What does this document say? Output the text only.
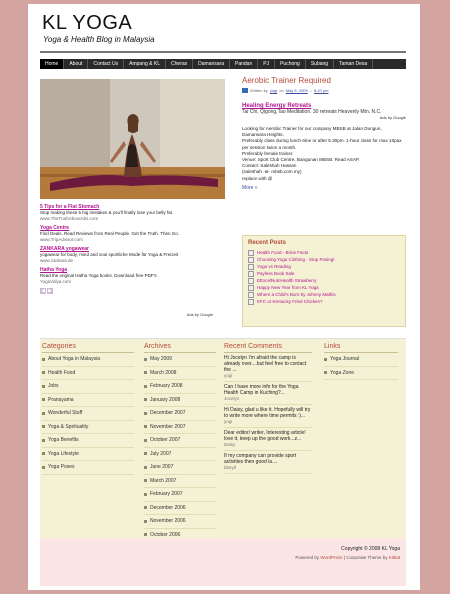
KL YOGA
Yoga & Health Blog in Malaysia
Home	About	Contact Us	Ampang & KL	Cheras	Damansara	Pandan	PJ	Puchong	Subang	Taman Desa
5 Tips for a Flat Stomach
Stop making these 5 big mistakes & you'll finally lose your belly fat.
www.TheTruthAboutAbs.com
Yoga Centre
Find Deals, Read Reviews from Real People. Get the Truth. Then Go.
www.TripAdvisor.com
ZANKARA yogawear
yogawear for body, mind and soul sportliche Mode für Yoga & Freizeit
www.zankara.de
Hatha Yoga
Read the original Hatha Yoga books. Download free PDF's
YogaVidya.com
◀ ▶
Ads by Google
Aerobic Trainer Required
Written by yogi on May 5, 2009 – 6:10 pm
Healing Energy Retreats
Tai Chi, Qigong,Tao Meditation. 30 retreats Heavenly Mtn. N.C.
Ads by Google
Looking for Aerobic Trainer for our company MBSB at Jalan Dungun, Damansara Heights.
Preferably class during lunch-time or after 5.30pm. 1-hour class for max 10pax per session twice a month.
Preferably female trainer.
Venue: Sport Club Centre, Bangunan MBSB. Read ASAP.
Contact: Saleshah Hassan
(saleshah -at- mbsb.com.my)
replace with @
More »
Recent Posts
Health Food - Brine Facts
Choosing Yoga Clothing - Stop Posing!
Yoga vs Reading
Payless Book Sale
EExcelNutriHealth Strawberry
Happy New Year from KL Yoga
Where a Child's Born by Johnny Mathis
KFC or Kentucky Fried Chicken?
Categories
About Yoga in Malaysia
Health Food
Jobs
Pranayama
Wonderful Stuff
Yoga & Spirituality
Yoga Benefits
Yoga Lifestyle
Yoga Poses
Archives
May 2009
March 2008
February 2008
January 2008
December 2007
November 2007
October 2007
July 2007
June 2007
March 2007
February 2007
December 2006
November 2006
October 2006
Recent Comments
Hi Jocelyn I'm afraid the camp is already over....but feel free to contact the ...
yogi
Can I have more info for the Yoga Health Camp in Kuching?...
Jocelyn
Hi Daisy, glad u like it. Hopefully will try to write more where time permits :)...
yogi
Dear editor/ writer, Interesting article! love it, keep up the good work...z...
Daisy
If my company can provide sport activities then good la....
bbeyll
Links
Yoga Journal
Yoga Zone
Copyright © 2008 KL Yoga
Powered by WordPress | Corporate Theme by Kitkat
